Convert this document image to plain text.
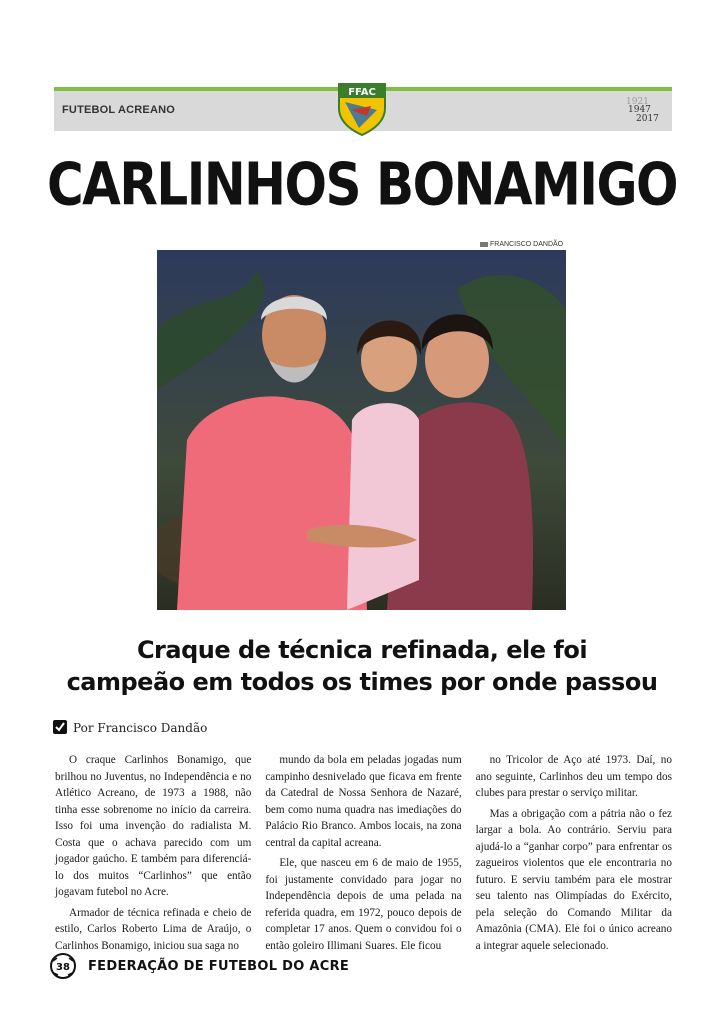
FUTEBOL ACREANO
1921
1947
2017
FFAC
CARLINHOS BONAMIGO
FRANCISCO DANDÃO
Craque de técnica refinada, ele foi
campeão em todos os times por onde passou
Por Francisco Dandão

O craque Carlinhos Bonamigo, que brilhou no Juventus, no Independência e no Atlético Acreano, de 1973 a 1988, não tinha esse sobrenome no início da carreira. Isso foi uma invenção do radialista M. Costa que o achava parecido com um jogador gaúcho. E também para diferenciá-lo dos muitos “Carlinhos” que então jogavam futebol no Acre.

Armador de técnica refinada e cheio de estilo, Carlos Roberto Lima de Araújo, o Carlinhos Bonamigo, iniciou sua saga no

mundo da bola em peladas jogadas num campinho desnivelado que ficava em frente da Catedral de Nossa Senhora de Nazaré, bem como numa quadra nas imediações do Palácio Rio Branco. Ambos locais, na zona central da capital acreana.

Ele, que nasceu em 6 de maio de 1955, foi justamente convidado para jogar no Independência depois de uma pelada na referida quadra, em 1972, pouco depois de completar 17 anos. Quem o convidou foi o então goleiro Illimani Suares. Ele ficou

no Tricolor de Aço até 1973. Daí, no ano seguinte, Carlinhos deu um tempo dos clubes para prestar o serviço militar.

Mas a obrigação com a pátria não o fez largar a bola. Ao contrário. Serviu para ajudá-lo a “ganhar corpo” para enfrentar os zagueiros violentos que ele encontraria no futuro. E serviu também para ele mostrar seu talento nas Olimpíadas do Exército, pela seleção do Comando Militar da Amazônia (CMA). Ele foi o único acreano a integrar aquele selecionado.

38 FEDERAÇÃO DE FUTEBOL DO ACRE
